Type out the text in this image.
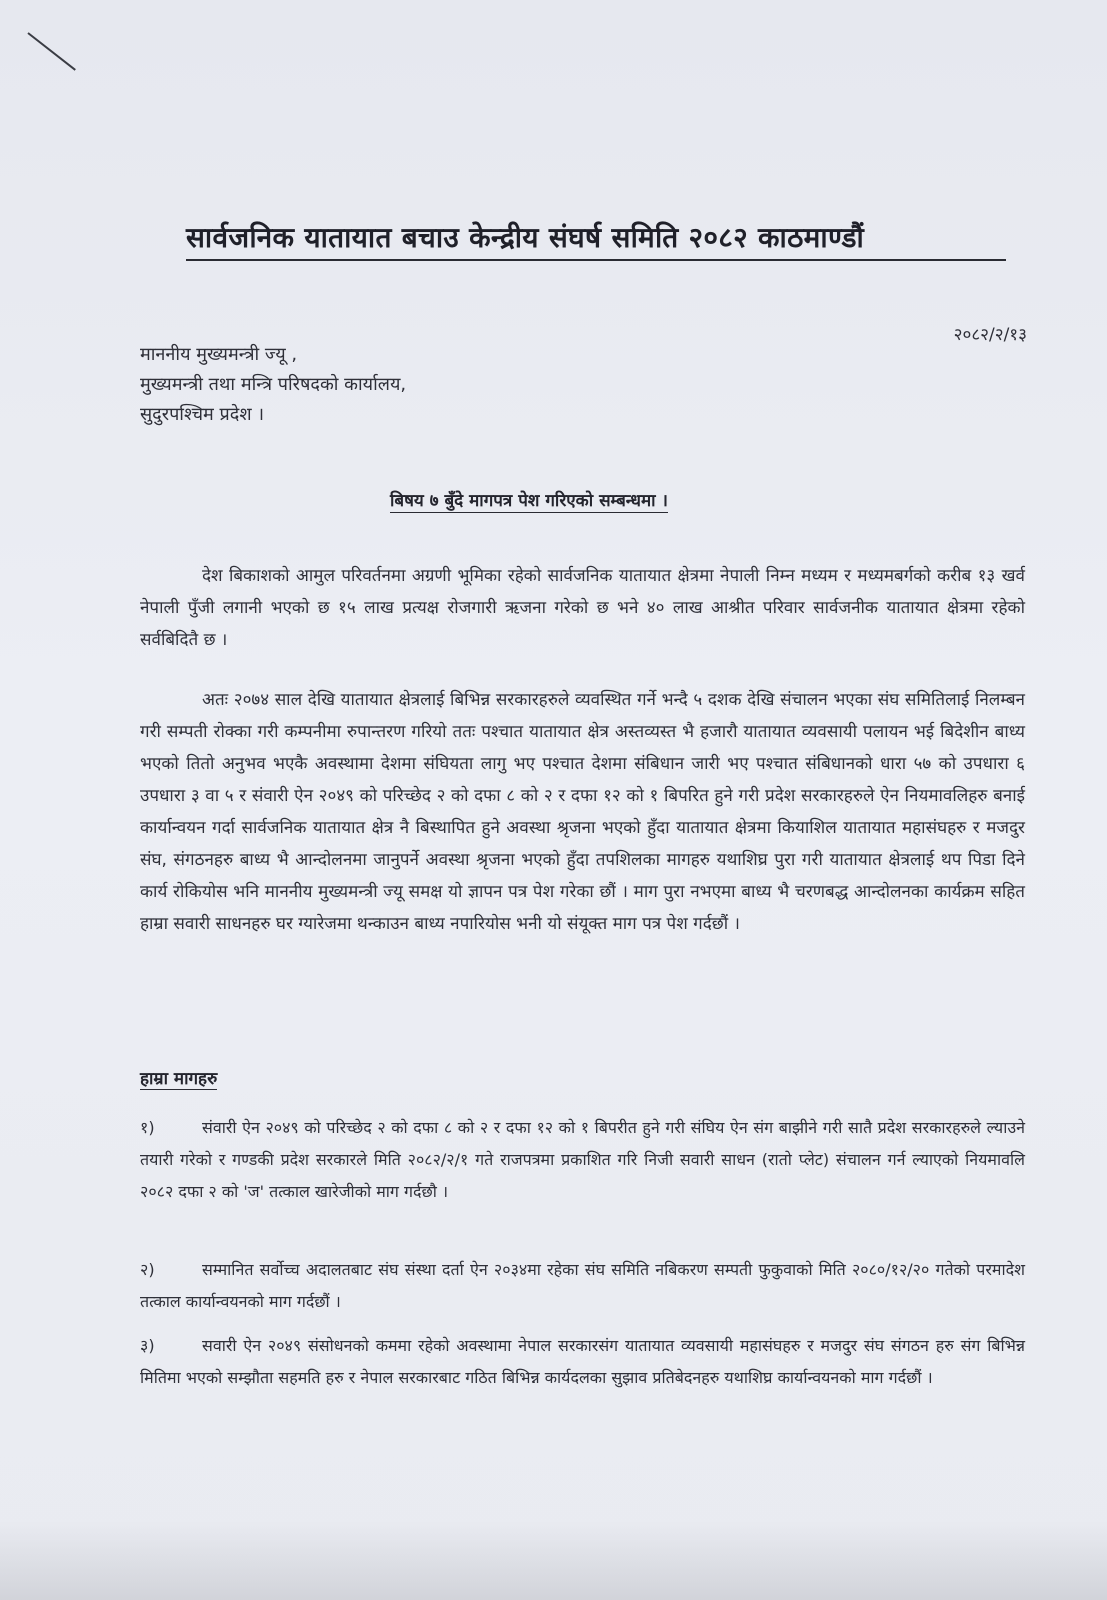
सार्वजनिक यातायात बचाउ केन्द्रीय संघर्ष समिति २०८२ काठमाण्डौं
२०८२/२/१३
माननीय मुख्यमन्त्री ज्यू ,
मुख्यमन्त्री तथा मन्त्रि परिषदको कार्यालय,
सुदुरपश्चिम प्रदेश ।
बिषय ७ बुँदे मागपत्र पेश गरिएको सम्बन्धमा ।
देश बिकाशको आमुल परिवर्तनमा अग्रणी भूमिका रहेको सार्वजनिक यातायात क्षेत्रमा नेपाली निम्न मध्यम र मध्यमबर्गको करीब १३ खर्व नेपाली पुँजी लगानी भएको छ १५ लाख प्रत्यक्ष रोजगारी ऋजना गरेको छ भने ४० लाख आश्रीत परिवार सार्वजनीक यातायात क्षेत्रमा रहेको सर्वबिदितै छ ।
अतः २०७४ साल देखि यातायात क्षेत्रलाई बिभिन्न सरकारहरुले व्यवस्थित गर्ने भन्दै ५ दशक देखि संचालन भएका संघ समितिलाई निलम्बन गरी सम्पती रोक्का गरी कम्पनीमा रुपान्तरण गरियो ततः पश्चात यातायात क्षेत्र अस्तव्यस्त भै हजारौ यातायात व्यवसायी पलायन भई बिदेशीन बाध्य भएको तितो अनुभव भएकै अवस्थामा देशमा संघियता लागु भए पश्चात देशमा संबिधान जारी भए पश्चात संबिधानको धारा ५७ को उपधारा ६ उपधारा ३ वा ५ र संवारी ऐन २०४९ को परिच्छेद २ को दफा ८ को २ र दफा १२ को १ बिपरित हुने गरी प्रदेश सरकारहरुले ऐन नियमावलिहरु बनाई कार्यान्वयन गर्दा सार्वजनिक यातायात क्षेत्र नै बिस्थापित हुने अवस्था श्रृजना भएको हुँदा यातायात क्षेत्रमा कियाशिल यातायात महासंघहरु र मजदुर संघ, संगठनहरु बाध्य भै आन्दोलनमा जानुपर्ने अवस्था श्रृजना भएको हुँदा तपशिलका मागहरु यथाशिघ्र पुरा गरी यातायात क्षेत्रलाई थप पिडा दिने कार्य रोकियोस भनि माननीय मुख्यमन्त्री ज्यू समक्ष यो ज्ञापन पत्र पेश गरेका छौं । माग पुरा नभएमा बाध्य भै चरणबद्ध आन्दोलनका कार्यक्रम सहित हाम्रा सवारी साधनहरु घर ग्यारेजमा थन्काउन बाध्य नपारियोस भनी यो संयूक्त माग पत्र पेश गर्दछौं ।
हाम्रा मागहरु
१)	संवारी ऐन २०४९ को परिच्छेद २ को दफा ८ को २ र दफा १२ को १ बिपरीत हुने गरी संघिय ऐन संग बाझीने गरी सातै प्रदेश सरकारहरुले ल्याउने तयारी गरेको र गण्डकी प्रदेश सरकारले मिति २०८२/२/१ गते राजपत्रमा प्रकाशित गरि निजी सवारी साधन (रातो प्लेट) संचालन गर्न ल्याएको नियमावलि २०८२ दफा २ को 'ज' तत्काल खारेजीको माग गर्दछौ ।
२)	सम्मानित सर्वोच्च अदालतबाट संघ संस्था दर्ता ऐन २०३४मा रहेका संघ समिति नबिकरण सम्पती फुकुवाको मिति २०८०/१२/२० गतेको परमादेश तत्काल कार्यान्वयनको माग गर्दछौं ।
३)	सवारी ऐन २०४९ संसोधनको कममा रहेको अवस्थामा नेपाल सरकारसंग यातायात व्यवसायी महासंघहरु र मजदुर संघ संगठन हरु संग बिभिन्न मितिमा भएको सम्झौता सहमति हरु र नेपाल सरकारबाट गठित बिभिन्न कार्यदलका सुझाव प्रतिबेदनहरु यथाशिघ्र कार्यान्वयनको माग गर्दछौं ।
